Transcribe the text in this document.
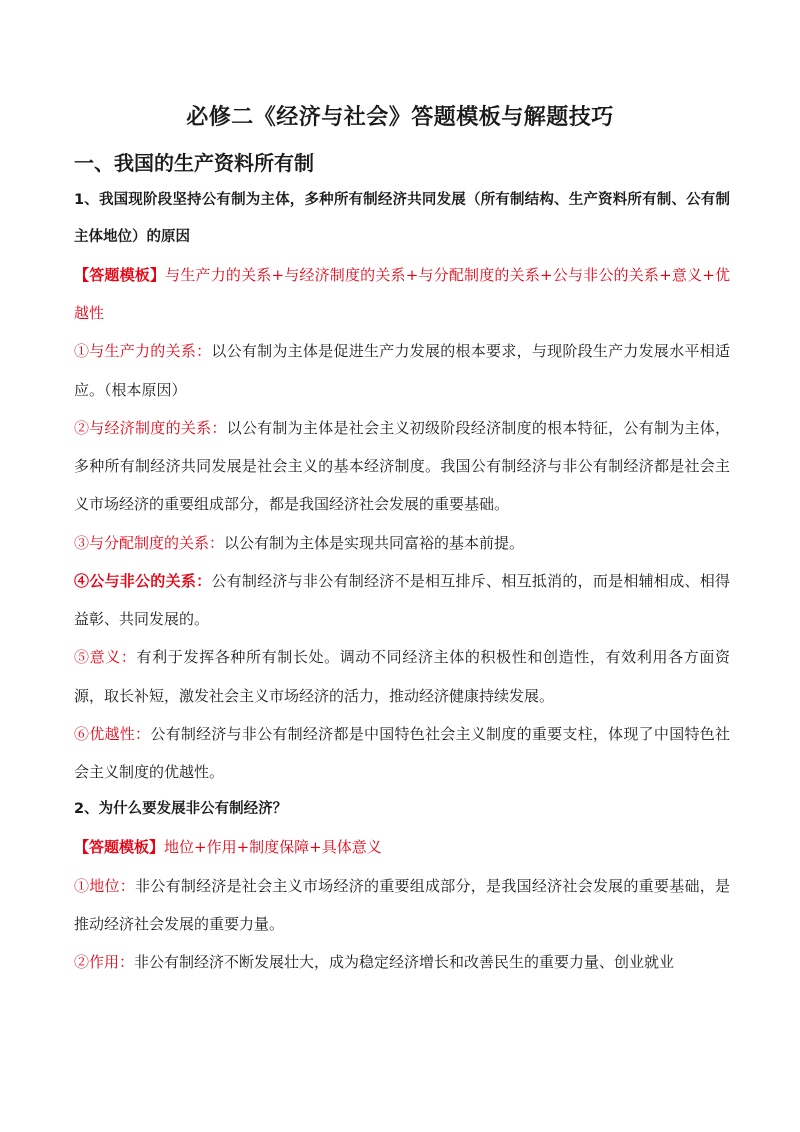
必修二《经济与社会》答题模板与解题技巧
一、我国的生产资料所有制

1、我国现阶段坚持公有制为主体，多种所有制经济共同发展（所有制结构、生产资料所有制、公有制主体地位）的原因

【答题模板】与生产力的关系+与经济制度的关系+与分配制度的关系+公与非公的关系+意义+优越性

①与生产力的关系：以公有制为主体是促进生产力发展的根本要求，与现阶段生产力发展水平相适应。（根本原因）

②与经济制度的关系：以公有制为主体是社会主义初级阶段经济制度的根本特征，公有制为主体，多种所有制经济共同发展是社会主义的基本经济制度。我国公有制经济与非公有制经济都是社会主义市场经济的重要组成部分，都是我国经济社会发展的重要基础。

③与分配制度的关系：以公有制为主体是实现共同富裕的基本前提。

④公与非公的关系：公有制经济与非公有制经济不是相互排斥、相互抵消的，而是相辅相成、相得益彰、共同发展的。

⑤意义：有利于发挥各种所有制长处。调动不同经济主体的积极性和创造性，有效利用各方面资源，取长补短，激发社会主义市场经济的活力，推动经济健康持续发展。

⑥优越性：公有制经济与非公有制经济都是中国特色社会主义制度的重要支柱，体现了中国特色社会主义制度的优越性。

2、为什么要发展非公有制经济？

【答题模板】地位+作用+制度保障+具体意义

①地位：非公有制经济是社会主义市场经济的重要组成部分，是我国经济社会发展的重要基础，是推动经济社会发展的重要力量。

②作用：非公有制经济不断发展壮大，成为稳定经济增长和改善民生的重要力量、创业就业
